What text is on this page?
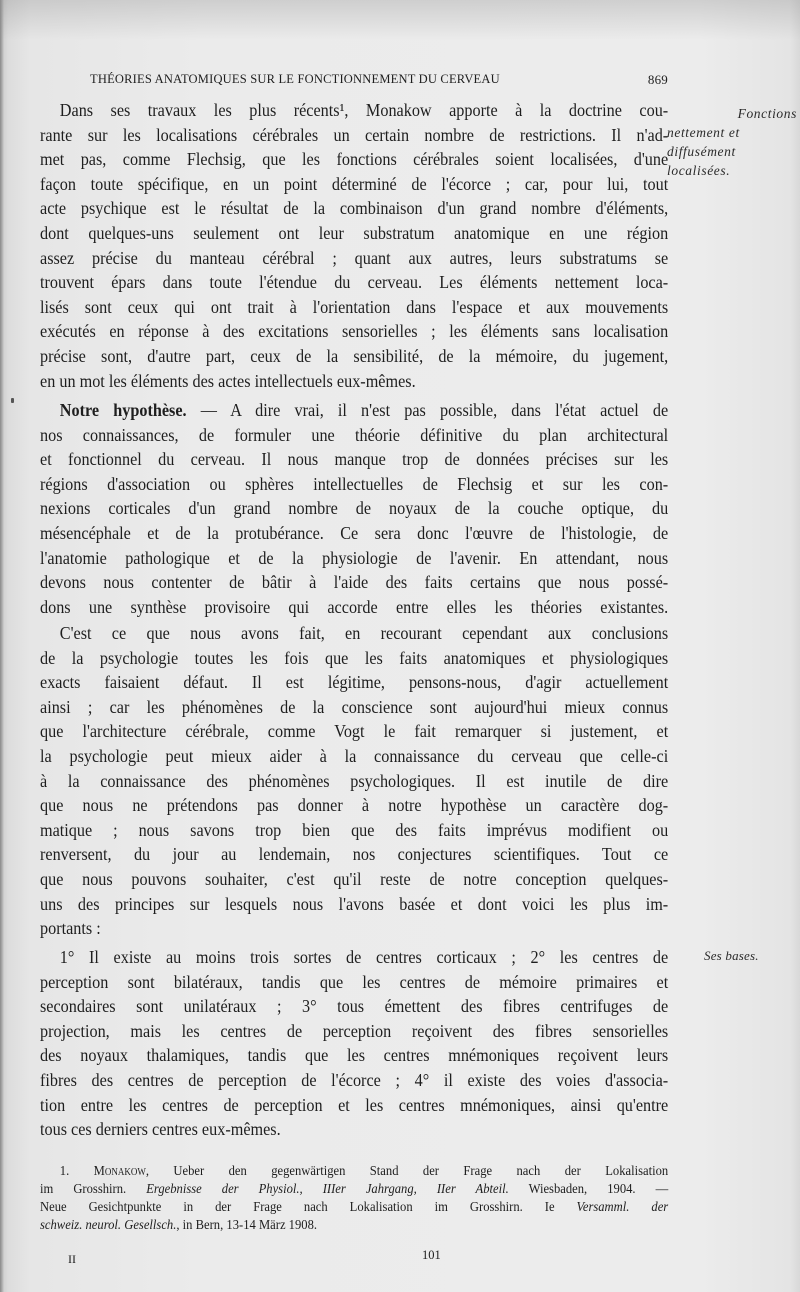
THÉORIES ANATOMIQUES SUR LE FONCTIONNEMENT DU CERVEAU	869
Fonctions
nettement et
diffusément
localisées.
Ses bases.
Dans ses travaux les plus récents¹, Monakow apporte à la doctrine cou-
rante sur les localisations cérébrales un certain nombre de restrictions. Il n'ad-
met pas, comme Flechsig, que les fonctions cérébrales soient localisées, d'une
façon toute spécifique, en un point déterminé de l'écorce ; car, pour lui, tout
acte psychique est le résultat de la combinaison d'un grand nombre d'éléments,
dont quelques-uns seulement ont leur substratum anatomique en une région
assez précise du manteau cérébral ; quant aux autres, leurs substratums se
trouvent épars dans toute l'étendue du cerveau. Les éléments nettement loca-
lisés sont ceux qui ont trait à l'orientation dans l'espace et aux mouvements
exécutés en réponse à des excitations sensorielles ; les éléments sans localisation
précise sont, d'autre part, ceux de la sensibilité, de la mémoire, du jugement,
en un mot les éléments des actes intellectuels eux-mêmes.
Notre hypothèse. — A dire vrai, il n'est pas possible, dans l'état actuel de
nos connaissances, de formuler une théorie définitive du plan architectural
et fonctionnel du cerveau. Il nous manque trop de données précises sur les
régions d'association ou sphères intellectuelles de Flechsig et sur les con-
nexions corticales d'un grand nombre de noyaux de la couche optique, du
mésencéphale et de la protubérance. Ce sera donc l'œuvre de l'histologie, de
l'anatomie pathologique et de la physiologie de l'avenir. En attendant, nous
devons nous contenter de bâtir à l'aide des faits certains que nous possé-
dons une synthèse provisoire qui accorde entre elles les théories existantes.
C'est ce que nous avons fait, en recourant cependant aux conclusions
de la psychologie toutes les fois que les faits anatomiques et physiologiques
exacts faisaient défaut. Il est légitime, pensons-nous, d'agir actuellement
ainsi ; car les phénomènes de la conscience sont aujourd'hui mieux connus
que l'architecture cérébrale, comme Vogt le fait remarquer si justement, et
la psychologie peut mieux aider à la connaissance du cerveau que celle-ci
à la connaissance des phénomènes psychologiques. Il est inutile de dire
que nous ne prétendons pas donner à notre hypothèse un caractère dog-
matique ; nous savons trop bien que des faits imprévus modifient ou
renversent, du jour au lendemain, nos conjectures scientifiques. Tout ce
que nous pouvons souhaiter, c'est qu'il reste de notre conception quelques-
uns des principes sur lesquels nous l'avons basée et dont voici les plus im-
portants :
1° Il existe au moins trois sortes de centres corticaux ; 2° les centres de
perception sont bilatéraux, tandis que les centres de mémoire primaires et
secondaires sont unilatéraux ; 3° tous émettent des fibres centrifuges de
projection, mais les centres de perception reçoivent des fibres sensorielles
des noyaux thalamiques, tandis que les centres mnémoniques reçoivent leurs
fibres des centres de perception de l'écorce ; 4° il existe des voies d'associa-
tion entre les centres de perception et les centres mnémoniques, ainsi qu'entre
tous ces derniers centres eux-mêmes.
1. Monakow, Ueber den gegenwärtigen Stand der Frage nach der Lokalisation
im Grosshirn. Ergebnisse der Physiol., IIIer Jahrgang, IIer Abteil. Wiesbaden, 1904. —
Neue Gesichtpunkte in der Frage nach Lokalisation im Grosshirn. Ie Versamml. der
schweiz. neurol. Gesellsch., in Bern, 13-14 März 1908.
II	101
